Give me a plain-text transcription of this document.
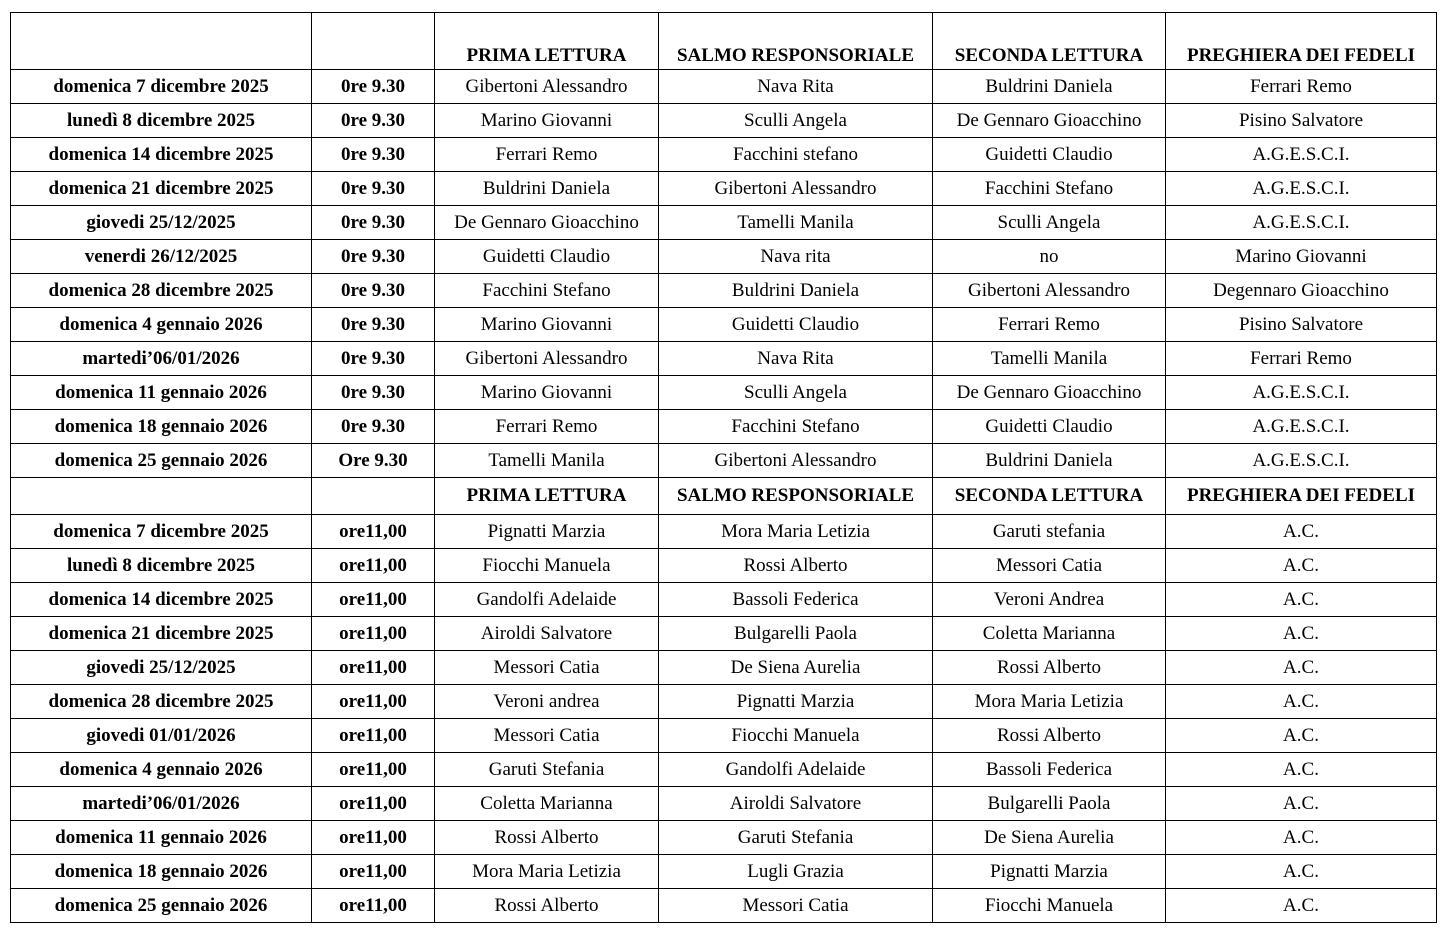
		PRIMA LETTURA	SALMO RESPONSORIALE	SECONDA LETTURA	PREGHIERA DEI FEDELI
domenica 7 dicembre 2025	0re 9.30	Gibertoni Alessandro	Nava Rita	Buldrini Daniela	Ferrari Remo
lunedì 8 dicembre 2025	0re 9.30	Marino Giovanni	Sculli Angela	De Gennaro Gioacchino	Pisino Salvatore
domenica 14 dicembre 2025	0re 9.30	Ferrari Remo	Facchini stefano	Guidetti Claudio	A.G.E.S.C.I.
domenica 21 dicembre 2025	0re 9.30	Buldrini Daniela	Gibertoni Alessandro	Facchini Stefano	A.G.E.S.C.I.
giovedi 25/12/2025	0re 9.30	De Gennaro Gioacchino	Tamelli Manila	Sculli Angela	A.G.E.S.C.I.
venerdi 26/12/2025	0re 9.30	Guidetti Claudio	Nava rita	no	Marino Giovanni
domenica 28 dicembre 2025	0re 9.30	Facchini Stefano	Buldrini Daniela	Gibertoni Alessandro	Degennaro Gioacchino
domenica 4 gennaio 2026	0re 9.30	Marino Giovanni	Guidetti Claudio	Ferrari Remo	Pisino Salvatore
martedi’06/01/2026	0re 9.30	Gibertoni Alessandro	Nava Rita	Tamelli Manila	Ferrari Remo
domenica 11 gennaio 2026	0re 9.30	Marino Giovanni	Sculli Angela	De Gennaro Gioacchino	A.G.E.S.C.I.
domenica 18 gennaio 2026	0re 9.30	Ferrari Remo	Facchini Stefano	Guidetti Claudio	A.G.E.S.C.I.
domenica 25 gennaio 2026	Ore 9.30	Tamelli Manila	Gibertoni Alessandro	Buldrini Daniela	A.G.E.S.C.I.
		PRIMA LETTURA	SALMO RESPONSORIALE	SECONDA LETTURA	PREGHIERA DEI FEDELI
domenica 7 dicembre 2025	ore11,00	Pignatti Marzia	Mora Maria Letizia	Garuti stefania	A.C.
lunedì 8 dicembre 2025	ore11,00	Fiocchi Manuela	Rossi Alberto	Messori Catia	A.C.
domenica 14 dicembre 2025	ore11,00	Gandolfi Adelaide	Bassoli Federica	Veroni Andrea	A.C.
domenica 21 dicembre 2025	ore11,00	Airoldi Salvatore	Bulgarelli Paola	Coletta Marianna	A.C.
giovedi 25/12/2025	ore11,00	Messori Catia	De Siena Aurelia	Rossi Alberto	A.C.
domenica 28 dicembre 2025	ore11,00	Veroni andrea	Pignatti Marzia	Mora Maria Letizia	A.C.
giovedi 01/01/2026	ore11,00	Messori Catia	Fiocchi Manuela	Rossi Alberto	A.C.
domenica 4 gennaio 2026	ore11,00	Garuti Stefania	Gandolfi Adelaide	Bassoli Federica	A.C.
martedi’06/01/2026	ore11,00	Coletta Marianna	Airoldi Salvatore	Bulgarelli Paola	A.C.
domenica 11 gennaio 2026	ore11,00	Rossi Alberto	Garuti Stefania	De Siena Aurelia	A.C.
domenica 18 gennaio 2026	ore11,00	Mora Maria Letizia	Lugli Grazia	Pignatti Marzia	A.C.
domenica 25 gennaio 2026	ore11,00	Rossi Alberto	Messori Catia	Fiocchi Manuela	A.C.
